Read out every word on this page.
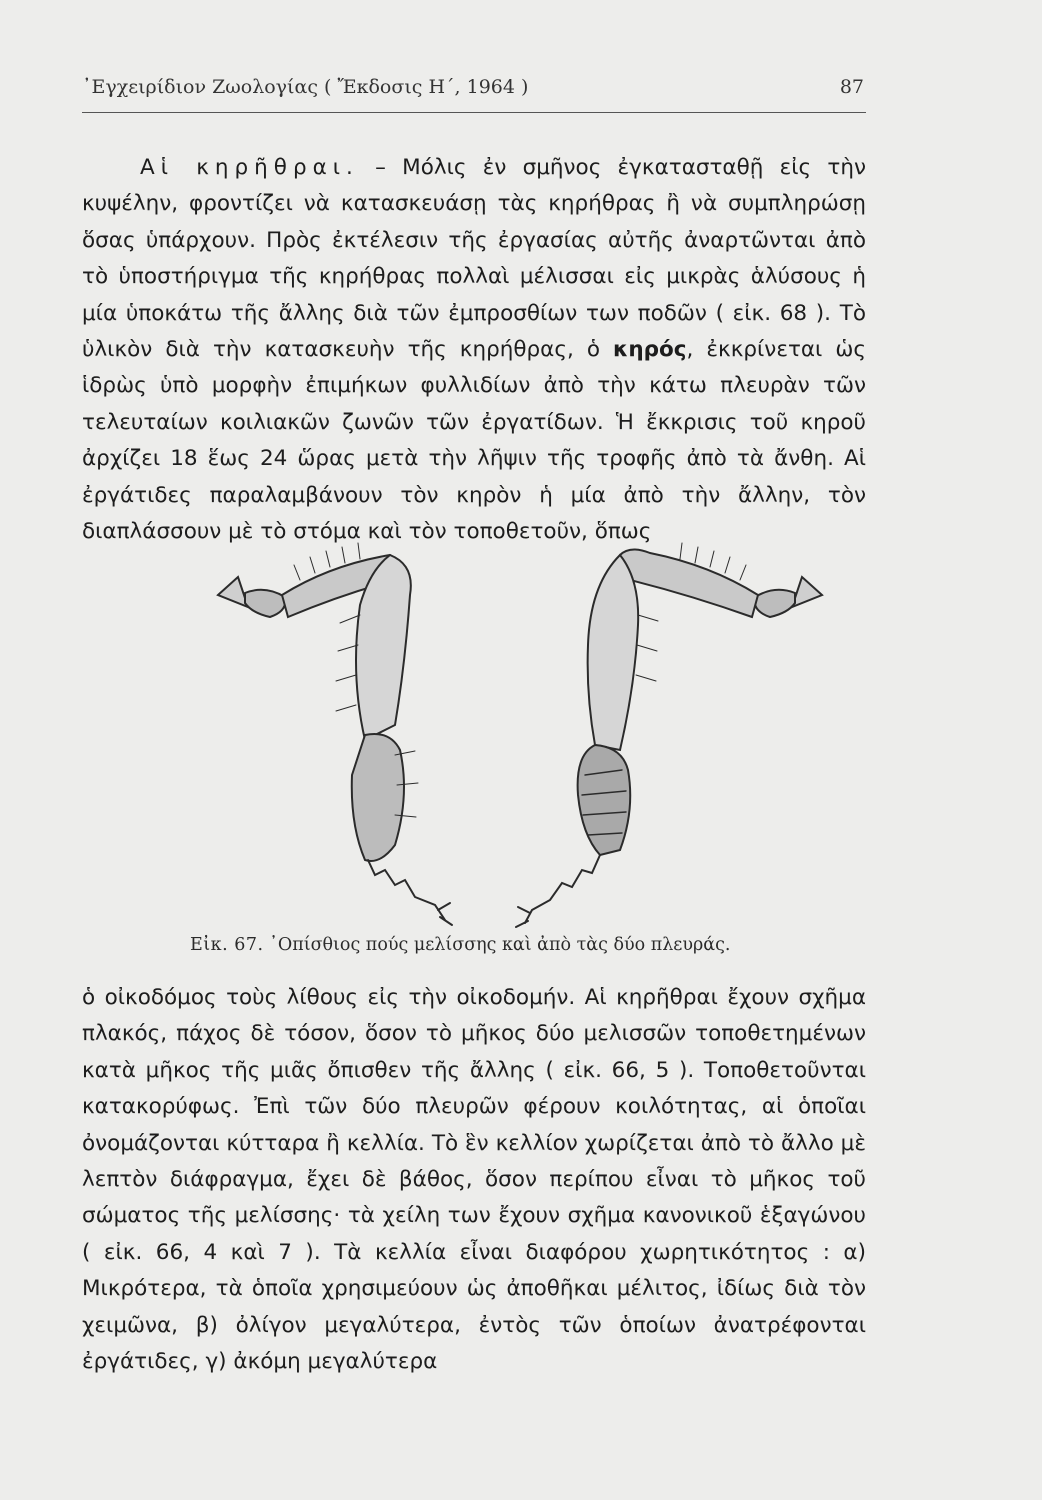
᾿Εγχειρίδιον Ζωολογίας ( Ἔκδοσις Η΄, 1964 )	87

Αἱ κηρῆθραι. – Μόλις ἐν σμῆνος ἐγκατασταθῇ εἰς τὴν κυψέλην, φροντίζει νὰ κατασκευάσῃ τὰς κηρήθρας ἢ νὰ συμπληρώσῃ ὅσας ὑπάρχουν. Πρὸς ἐκτέλεσιν τῆς ἐργασίας αὐτῆς ἀναρτῶνται ἀπὸ τὸ ὑποστήριγμα τῆς κηρήθρας πολλαὶ μέλισσαι εἰς μικρὰς ἁλύσους ἡ μία ὑποκάτω τῆς ἄλλης διὰ τῶν ἐμπροσθίων των ποδῶν ( εἰκ. 68 ). Τὸ ὑλικὸν διὰ τὴν κατασκευὴν τῆς κηρήθρας, ὁ κηρός, ἐκκρίνεται ὡς ἱδρὼς ὑπὸ μορφὴν ἐπιμήκων φυλλιδίων ἀπὸ τὴν κάτω πλευρὰν τῶν τελευταίων κοιλιακῶν ζωνῶν τῶν ἐργατίδων. Ἡ ἔκκρισις τοῦ κηροῦ ἀρχίζει 18 ἕως 24 ὥρας μετὰ τὴν λῆψιν τῆς τροφῆς ἀπὸ τὰ ἄνθη. Αἱ ἐργάτιδες παραλαμβάνουν τὸν κηρὸν ἡ μία ἀπὸ τὴν ἄλλην, τὸν διαπλάσσουν μὲ τὸ στόμα καὶ τὸν τοποθετοῦν, ὅπως

Εἰκ. 67. ᾿Οπίσθιος πούς μελίσσης καὶ ἀπὸ τὰς δύο πλευράς.

ὁ οἰκοδόμος τοὺς λίθους εἰς τὴν οἰκοδομήν. Αἱ κηρῆθραι ἔχουν σχῆμα πλακός, πάχος δὲ τόσον, ὅσον τὸ μῆκος δύο μελισσῶν τοποθετημένων κατὰ μῆκος τῆς μιᾶς ὄπισθεν τῆς ἄλλης ( εἰκ. 66, 5 ). Τοποθετοῦνται κατακορύφως. Ἐπὶ τῶν δύο πλευρῶν φέρουν κοιλότητας, αἱ ὁποῖαι ὀνομάζονται κύτταρα ἢ κελλία. Τὸ ἓν κελλίον χωρίζεται ἀπὸ τὸ ἄλλο μὲ λεπτὸν διάφραγμα, ἔχει δὲ βάθος, ὅσον περίπου εἶναι τὸ μῆκος τοῦ σώματος τῆς μελίσσης· τὰ χείλη των ἔχουν σχῆμα κανονικοῦ ἑξαγώνου ( εἰκ. 66, 4 καὶ 7 ). Τὰ κελλία εἶναι διαφόρου χωρητικότητος : α) Μικρότερα, τὰ ὁποῖα χρησιμεύουν ὡς ἀποθῆκαι μέλιτος, ἰδίως διὰ τὸν χειμῶνα, β) ὀλίγον μεγαλύτερα, ἐντὸς τῶν ὁποίων ἀνατρέφονται ἐργάτιδες, γ) ἀκόμη μεγαλύτερα
